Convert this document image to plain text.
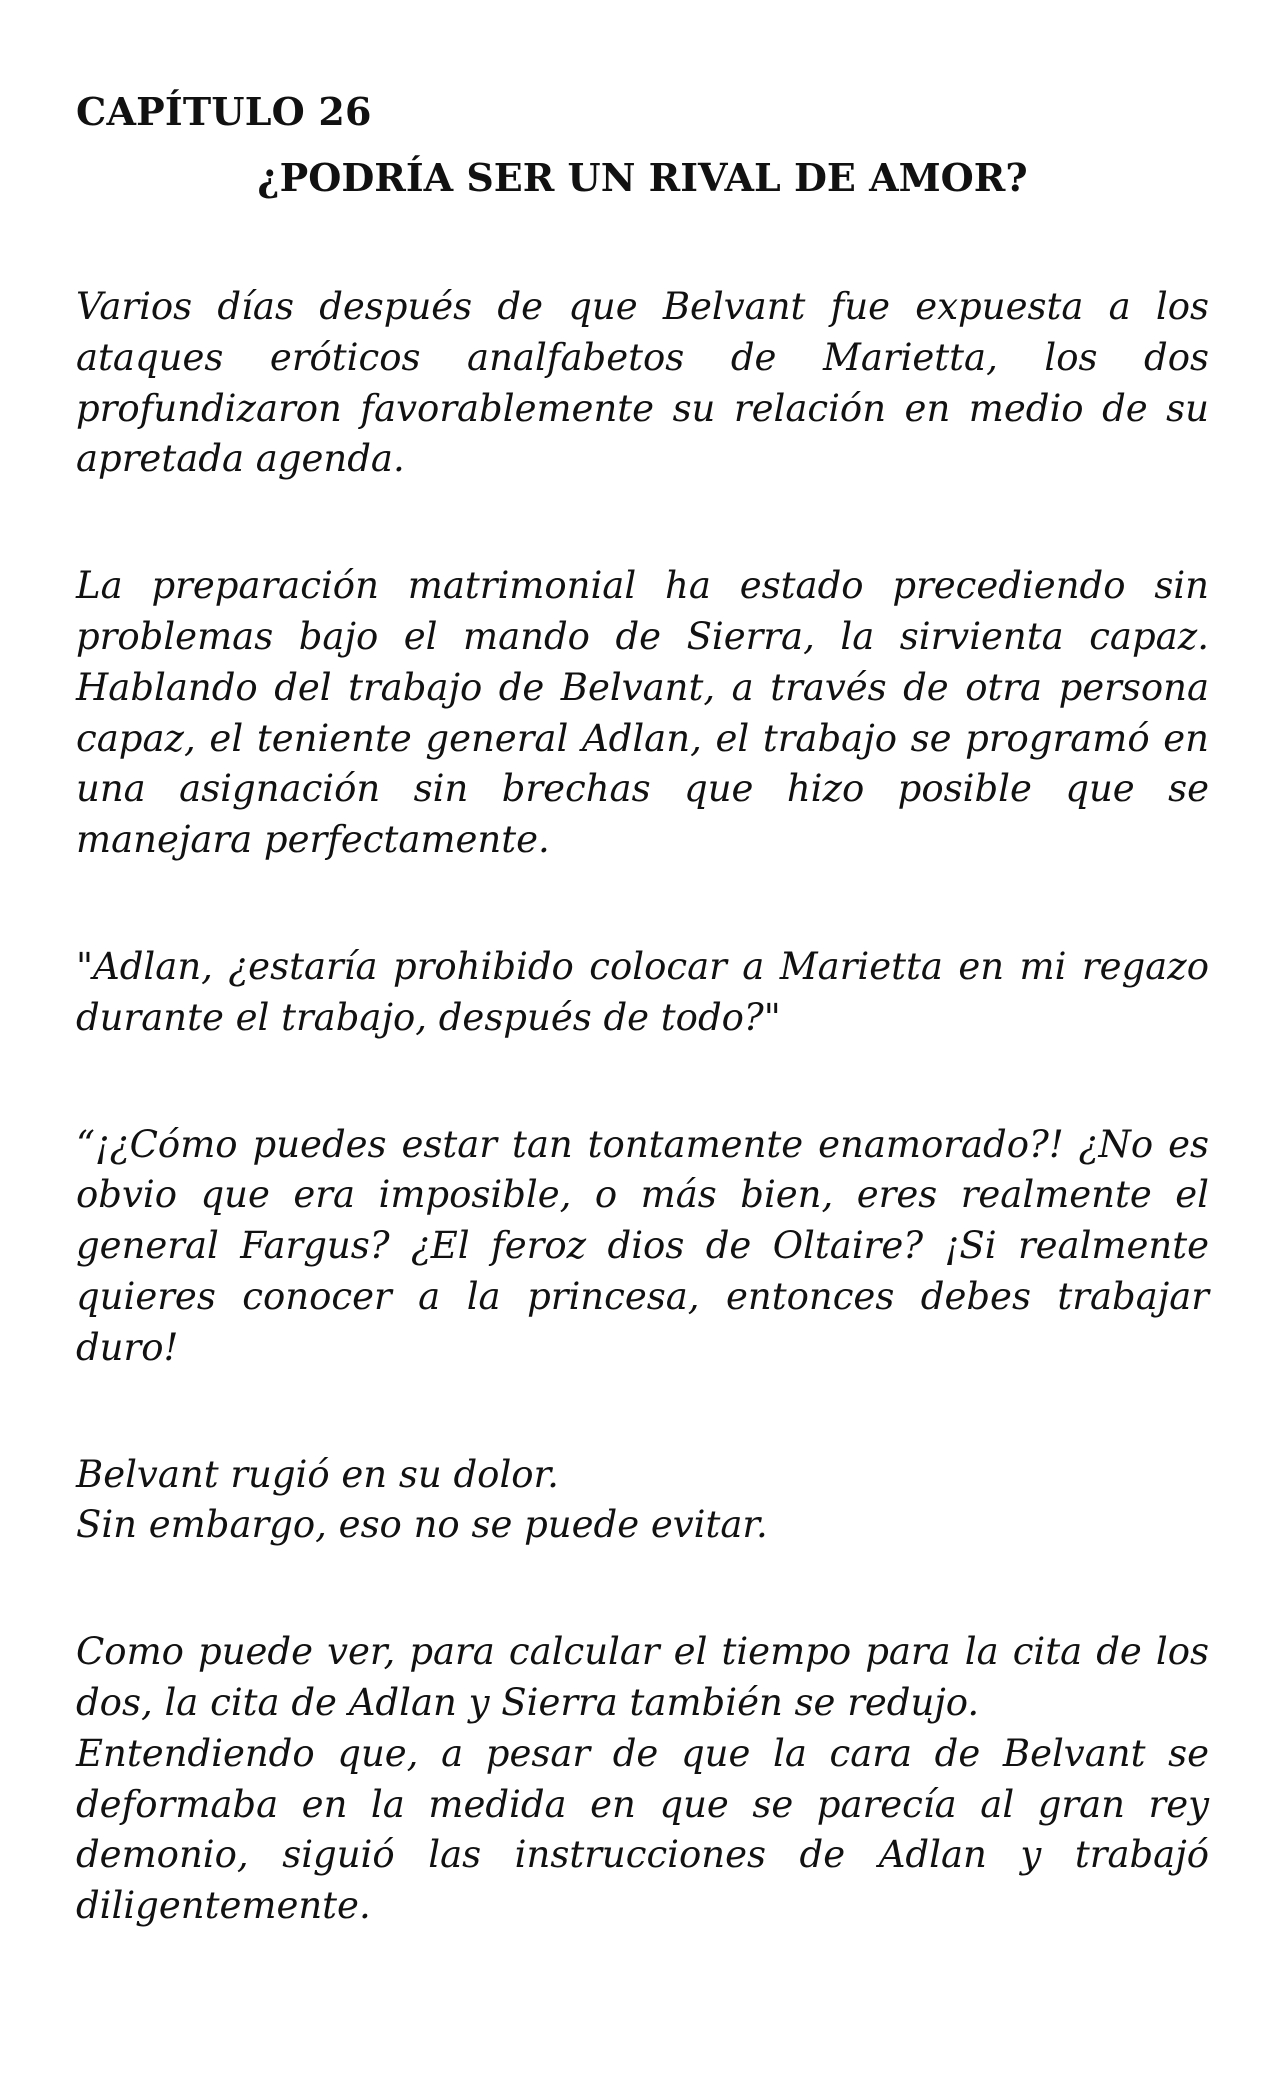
CAPÍTULO 26
¿PODRÍA SER UN RIVAL DE AMOR?

Varios días después de que Belvant fue expuesta a los ataques eróticos analfabetos de Marietta, los dos profundizaron favorablemente su relación en medio de su apretada agenda.

La preparación matrimonial ha estado precediendo sin problemas bajo el mando de Sierra, la sirvienta capaz. Hablando del trabajo de Belvant, a través de otra persona capaz, el teniente general Adlan, el trabajo se programó en una asignación sin brechas que hizo posible que se manejara perfectamente.

"Adlan, ¿estaría prohibido colocar a Marietta en mi regazo durante el trabajo, después de todo?"

“¡¿Cómo puedes estar tan tontamente enamorado?! ¿No es obvio que era imposible, o más bien, eres realmente el general Fargus? ¿El feroz dios de Oltaire? ¡Si realmente quieres conocer a la princesa, entonces debes trabajar duro!

Belvant rugió en su dolor.
Sin embargo, eso no se puede evitar.

Como puede ver, para calcular el tiempo para la cita de los dos, la cita de Adlan y Sierra también se redujo.
Entendiendo que, a pesar de que la cara de Belvant se deformaba en la medida en que se parecía al gran rey demonio, siguió las instrucciones de Adlan y trabajó diligentemente.
